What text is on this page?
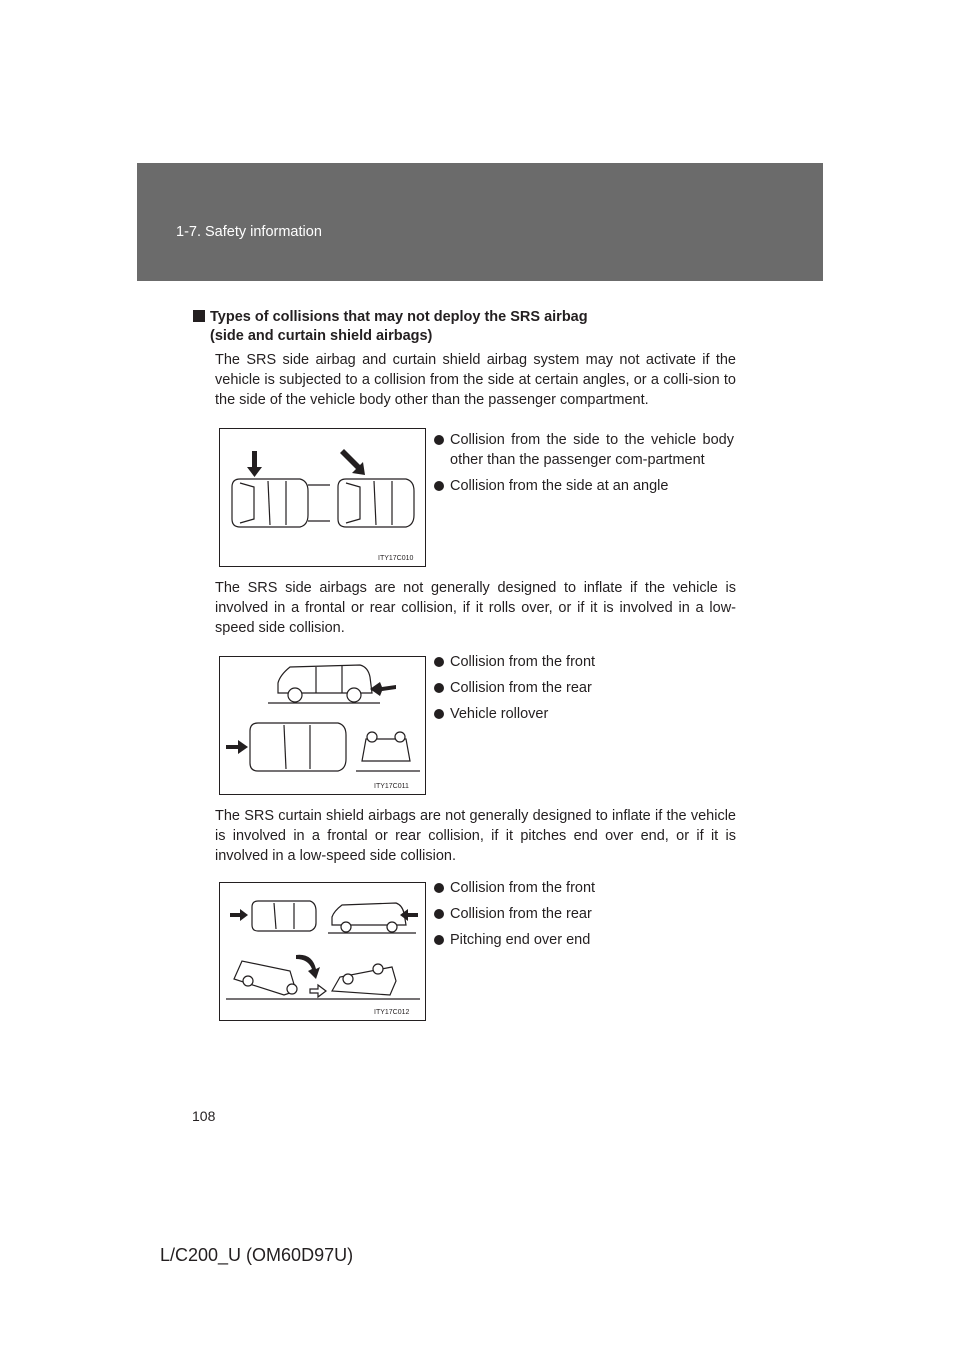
1-7. Safety information
Types of collisions that may not deploy the SRS airbag
(side and curtain shield airbags)
The SRS side airbag and curtain shield airbag system may not activate if the vehicle is subjected to a collision from the side at certain angles, or a colli-sion to the side of the vehicle body other than the passenger compartment.
ITY17C010
Collision from the side to the vehicle body other than the passenger com-partment
Collision from the side at an angle
The SRS side airbags are not generally designed to inflate if the vehicle is involved in a frontal or rear collision, if it rolls over, or if it is involved in a low-speed side collision.
ITY17C011
Collision from the front
Collision from the rear
Vehicle rollover
The SRS curtain shield airbags are not generally designed to inflate if the vehicle is involved in a frontal or rear collision, if it pitches end over end, or if it is involved in a low-speed side collision.
ITY17C012
Collision from the front
Collision from the rear
Pitching end over end
108
L/C200_U (OM60D97U)
